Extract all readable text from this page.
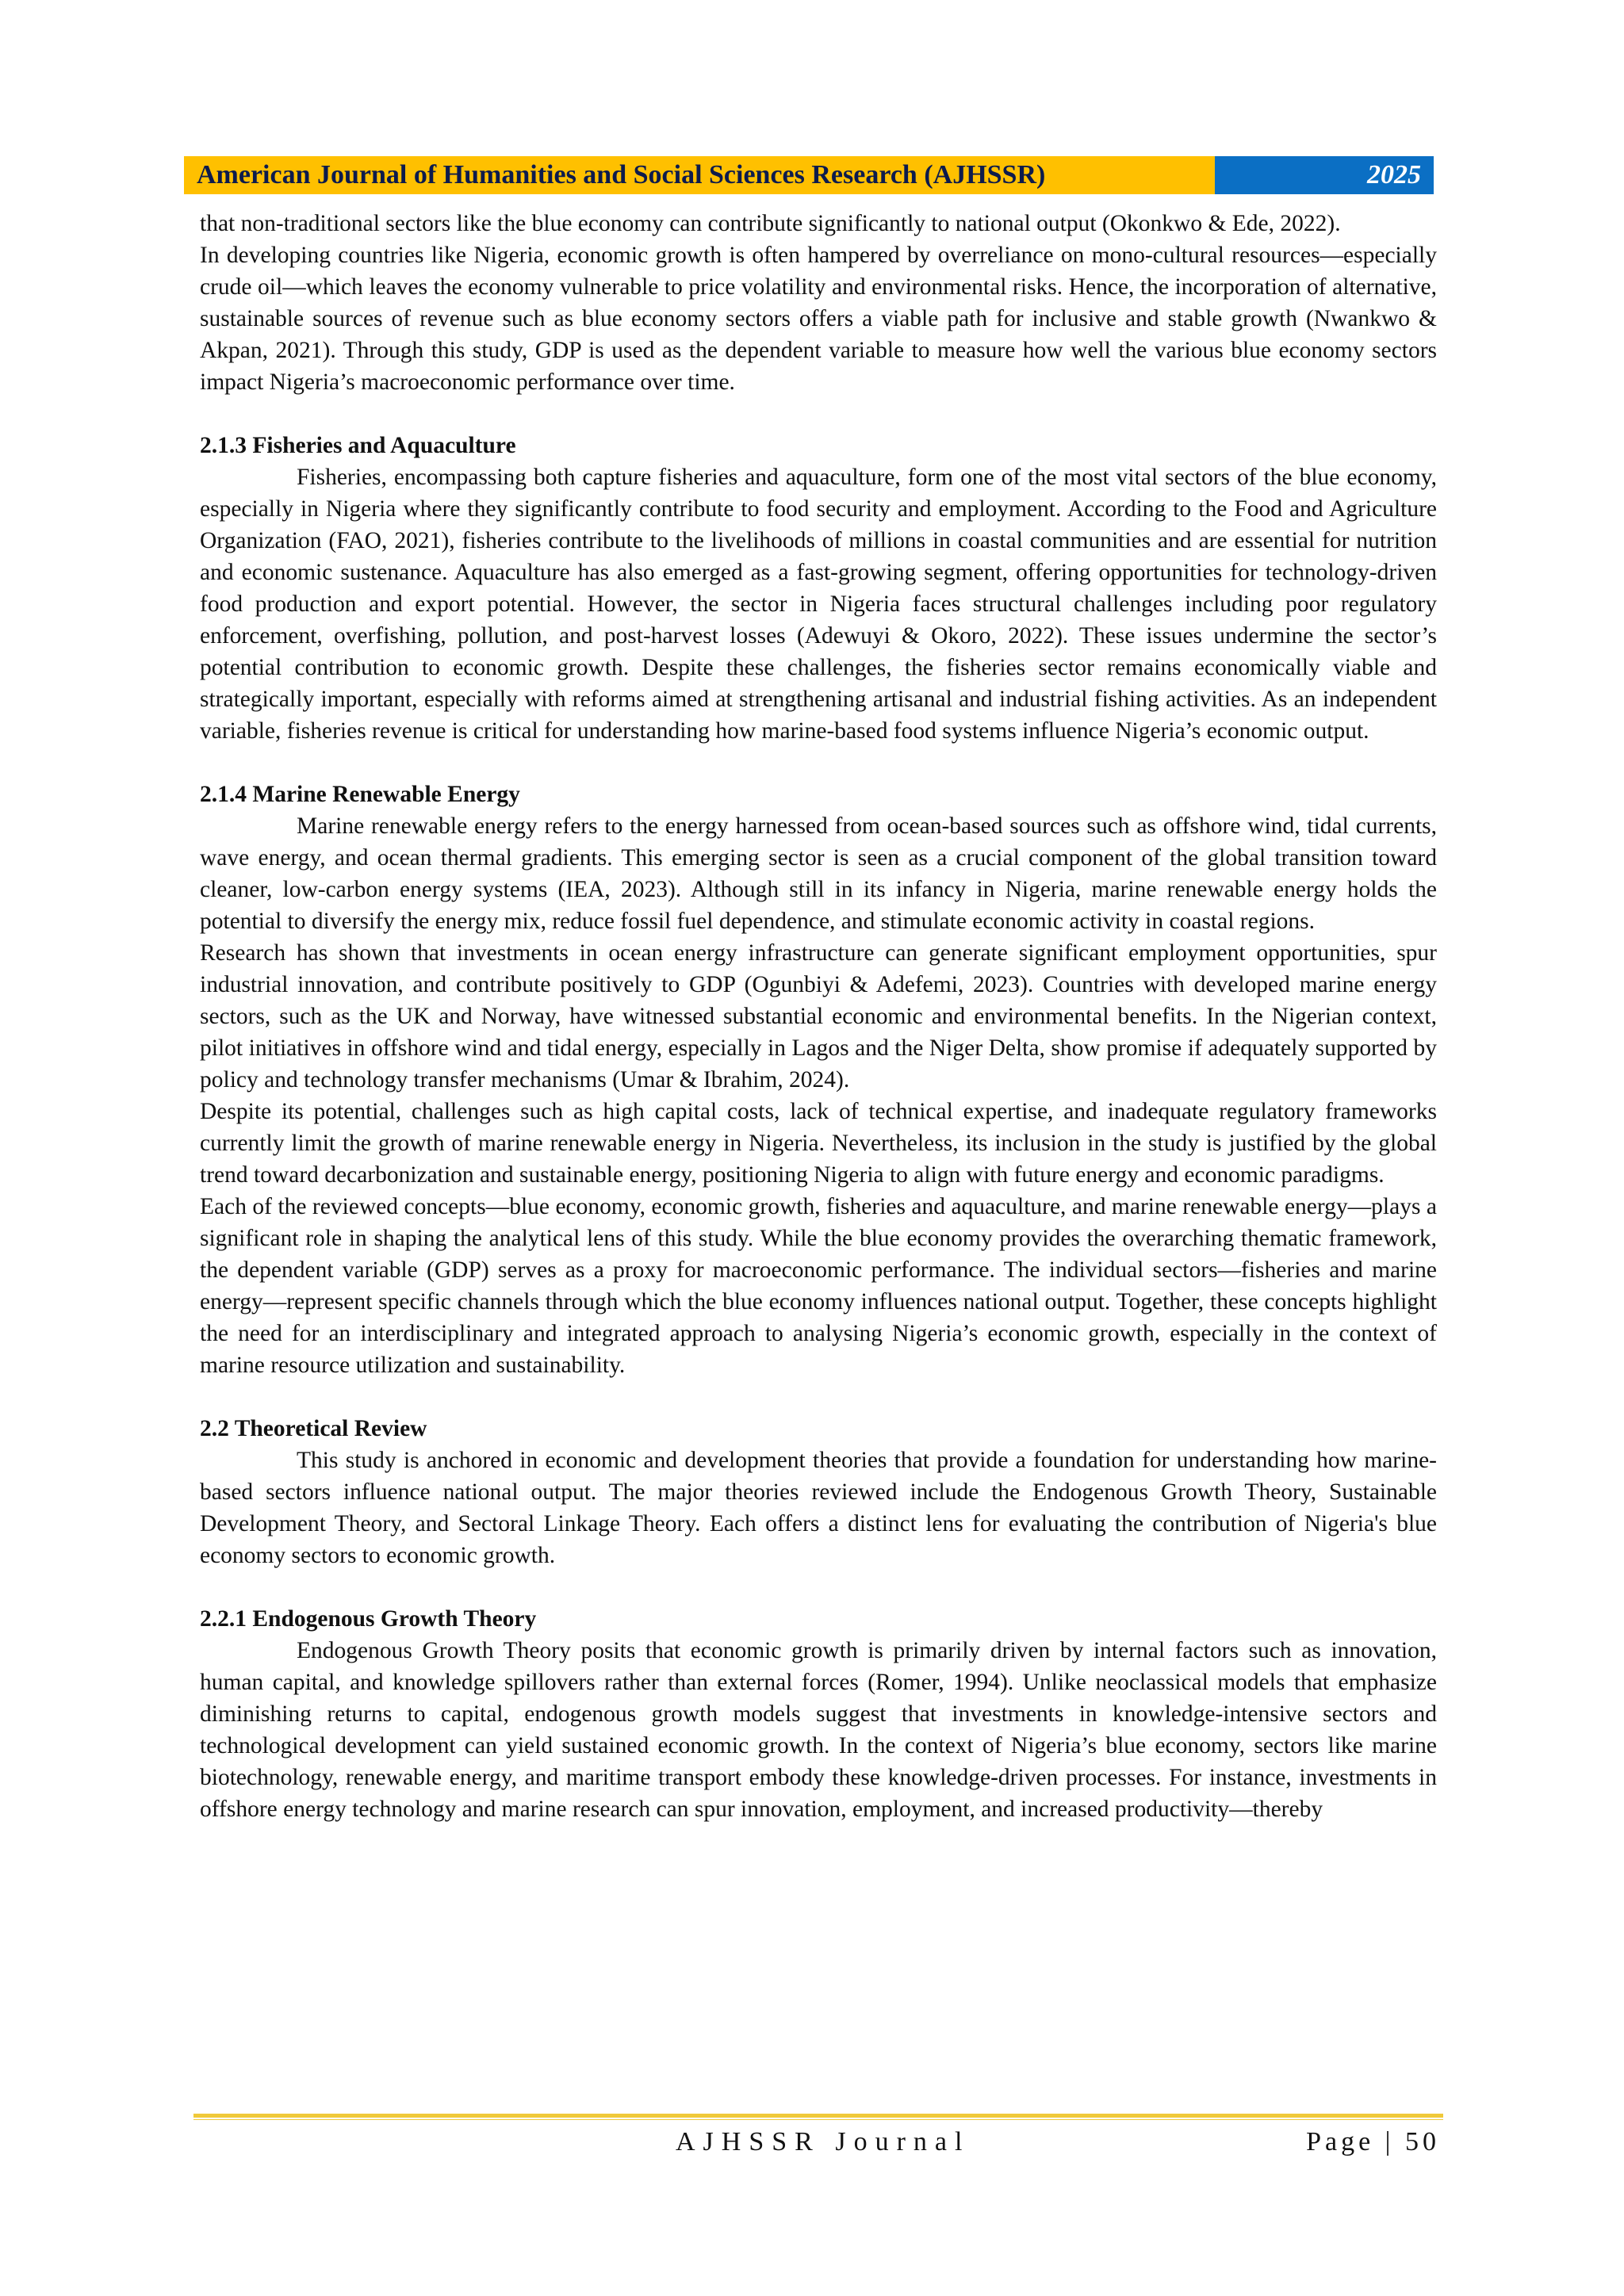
American Journal of Humanities and Social Sciences Research (AJHSSR)	2025

that non-traditional sectors like the blue economy can contribute significantly to national output (Okonkwo & Ede, 2022).

In developing countries like Nigeria, economic growth is often hampered by overreliance on mono-cultural resources—especially crude oil—which leaves the economy vulnerable to price volatility and environmental risks. Hence, the incorporation of alternative, sustainable sources of revenue such as blue economy sectors offers a viable path for inclusive and stable growth (Nwankwo & Akpan, 2021). Through this study, GDP is used as the dependent variable to measure how well the various blue economy sectors impact Nigeria’s macroeconomic performance over time.

2.1.3 Fisheries and Aquaculture

Fisheries, encompassing both capture fisheries and aquaculture, form one of the most vital sectors of the blue economy, especially in Nigeria where they significantly contribute to food security and employment. According to the Food and Agriculture Organization (FAO, 2021), fisheries contribute to the livelihoods of millions in coastal communities and are essential for nutrition and economic sustenance. Aquaculture has also emerged as a fast-growing segment, offering opportunities for technology-driven food production and export potential. However, the sector in Nigeria faces structural challenges including poor regulatory enforcement, overfishing, pollution, and post-harvest losses (Adewuyi & Okoro, 2022). These issues undermine the sector’s potential contribution to economic growth. Despite these challenges, the fisheries sector remains economically viable and strategically important, especially with reforms aimed at strengthening artisanal and industrial fishing activities. As an independent variable, fisheries revenue is critical for understanding how marine-based food systems influence Nigeria’s economic output.

2.1.4 Marine Renewable Energy

Marine renewable energy refers to the energy harnessed from ocean-based sources such as offshore wind, tidal currents, wave energy, and ocean thermal gradients. This emerging sector is seen as a crucial component of the global transition toward cleaner, low-carbon energy systems (IEA, 2023). Although still in its infancy in Nigeria, marine renewable energy holds the potential to diversify the energy mix, reduce fossil fuel dependence, and stimulate economic activity in coastal regions.

Research has shown that investments in ocean energy infrastructure can generate significant employment opportunities, spur industrial innovation, and contribute positively to GDP (Ogunbiyi & Adefemi, 2023). Countries with developed marine energy sectors, such as the UK and Norway, have witnessed substantial economic and environmental benefits. In the Nigerian context, pilot initiatives in offshore wind and tidal energy, especially in Lagos and the Niger Delta, show promise if adequately supported by policy and technology transfer mechanisms (Umar & Ibrahim, 2024).

Despite its potential, challenges such as high capital costs, lack of technical expertise, and inadequate regulatory frameworks currently limit the growth of marine renewable energy in Nigeria. Nevertheless, its inclusion in the study is justified by the global trend toward decarbonization and sustainable energy, positioning Nigeria to align with future energy and economic paradigms.

Each of the reviewed concepts—blue economy, economic growth, fisheries and aquaculture, and marine renewable energy—plays a significant role in shaping the analytical lens of this study. While the blue economy provides the overarching thematic framework, the dependent variable (GDP) serves as a proxy for macroeconomic performance. The individual sectors—fisheries and marine energy—represent specific channels through which the blue economy influences national output. Together, these concepts highlight the need for an interdisciplinary and integrated approach to analysing Nigeria’s economic growth, especially in the context of marine resource utilization and sustainability.

2.2 Theoretical Review

This study is anchored in economic and development theories that provide a foundation for understanding how marine-based sectors influence national output. The major theories reviewed include the Endogenous Growth Theory, Sustainable Development Theory, and Sectoral Linkage Theory. Each offers a distinct lens for evaluating the contribution of Nigeria's blue economy sectors to economic growth.

2.2.1 Endogenous Growth Theory

Endogenous Growth Theory posits that economic growth is primarily driven by internal factors such as innovation, human capital, and knowledge spillovers rather than external forces (Romer, 1994). Unlike neoclassical models that emphasize diminishing returns to capital, endogenous growth models suggest that investments in knowledge-intensive sectors and technological development can yield sustained economic growth. In the context of Nigeria’s blue economy, sectors like marine biotechnology, renewable energy, and maritime transport embody these knowledge-driven processes. For instance, investments in offshore energy technology and marine research can spur innovation, employment, and increased productivity—thereby

AJHSSR Journal	Page | 50
